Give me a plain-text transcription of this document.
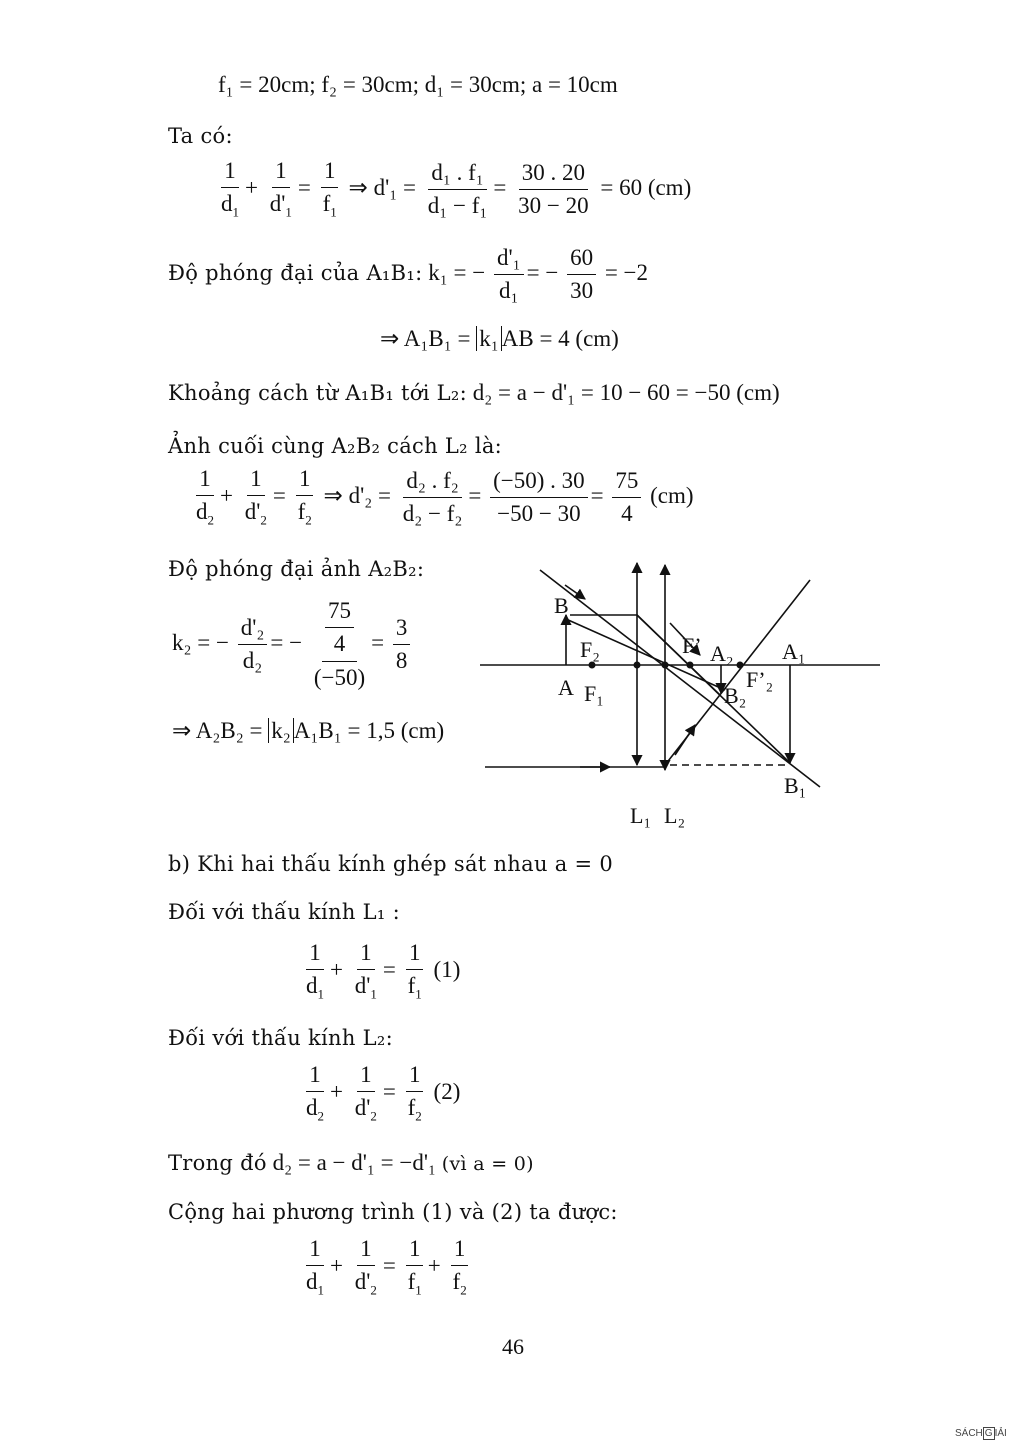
f₁ = 20cm; f₂ = 30cm; d₁ = 30cm; a = 10cm
Ta có:
$\frac{1}{d_1} + \frac{1}{d'_1} = \frac{1}{f_1}$ ⇒ $d'_1 = \frac{\text{d₁ . f₁}}{\text{d₁ − f₁}} = \frac{30 . 20}{30 - 20} = 60$ (cm)
Độ phóng đại của A₁B₁: k₁ = − $\frac{\text{d'₁}}{\text{d₁}}$ = − $\frac{60}{30} = -2$
⇒ A₁B₁ = k₁ AB = 4 (cm)
Khoảng cách từ A₁B₁ tới L₂: d₂ = a − d'₁ = 10 − 60 = −50 (cm)
Ảnh cuối cùng A₂B₂ cách L₂ là:
$\frac{1}{d_2} + \frac{1}{d'_2} = \frac{1}{f_2}$ ⇒ $d'_2 = \frac{\text{d₂ . f₂}}{\text{d₂ − f₂}} = \frac{(-50) . 30}{-50 - 30} = \frac{75}{4} (cm)$
Độ phóng đại ảnh A₂B₂:
k₂ = − $\frac{\text{d'₂}}{\text{d₂}}$ = − $\frac{\frac{75}{4}}{(-50)} = \frac{3}{8}$
⇒ A₂B₂ = k₂ A₁B₁ = 1,5 (cm)
B
F₂	F’ A₂ A₁
A F₁	B₂
F’₂
B₁
L₁ L₂
b) Khi hai thấu kính ghép sát nhau a = 0
Đối với thấu kính L₁ :
$\frac{1}{d_1} + \frac{1}{d'_1} = \frac{1}{f_1} (1)$
Đối với thấu kính L₂:
$\frac{1}{d_2} + \frac{1}{d'_2} = \frac{1}{f_2} (2)$
Trong đó d₂ = a − d'₁ = −d'₁ (vì a = 0)
Cộng hai phương trình (1) và (2) ta được:
$\frac{1}{d_1} + \frac{1}{d'_2} = \frac{1}{f_1} + \frac{1}{f_2}$
46
SÁCH G IẢI
